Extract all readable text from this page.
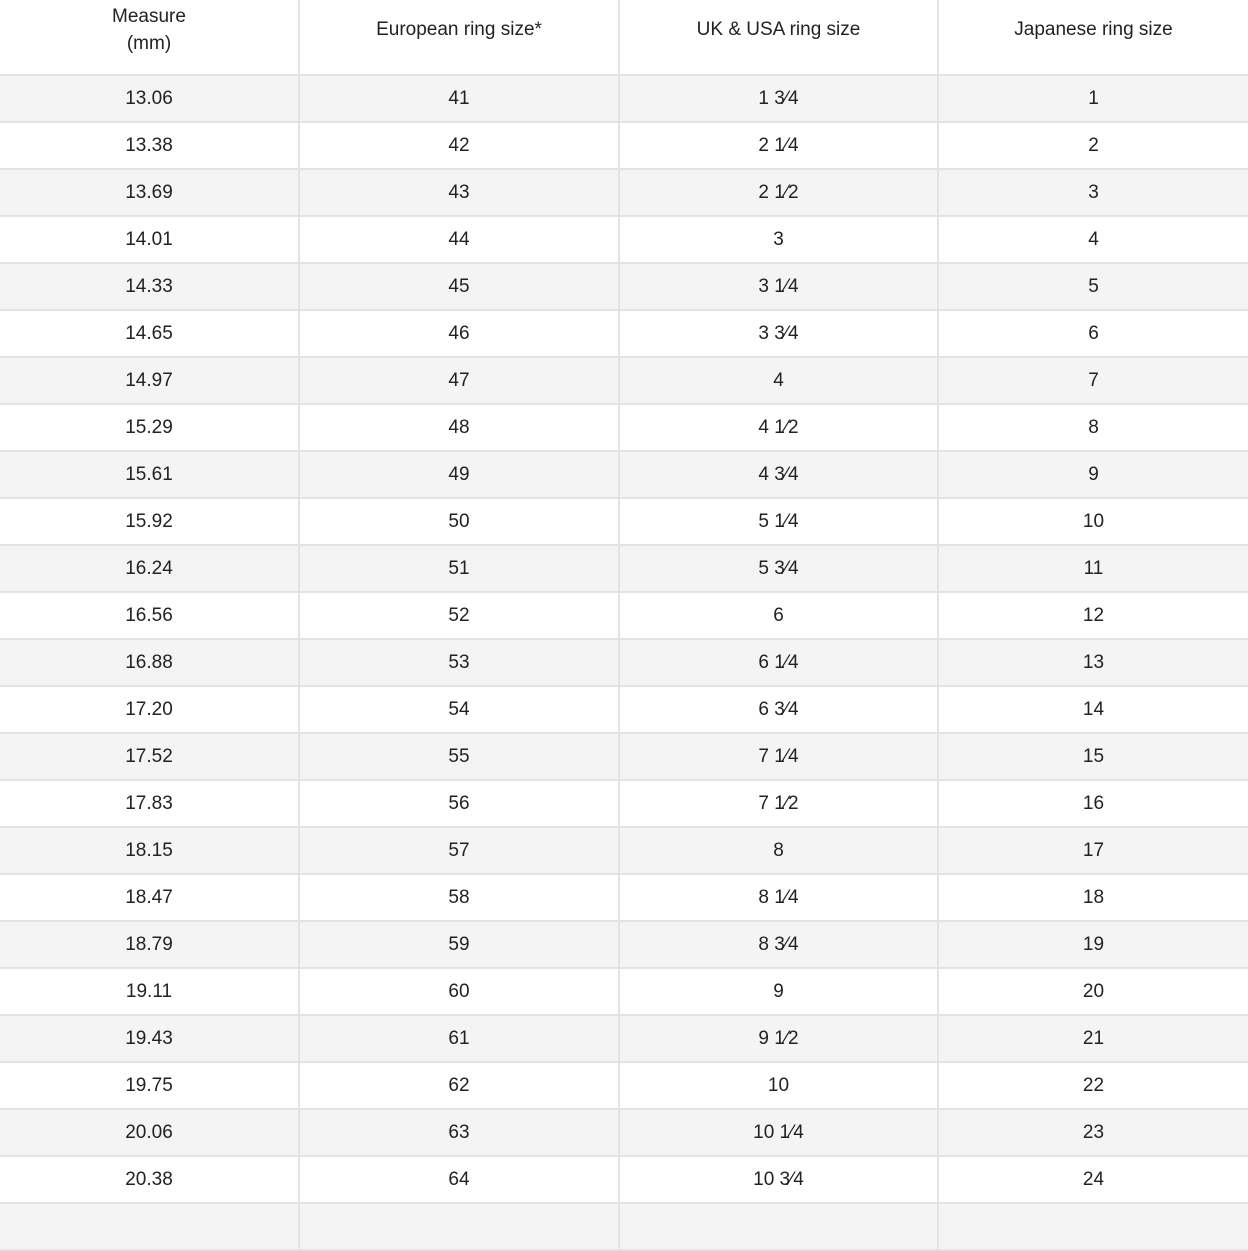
Measure
(mm)	European ring size*	UK & USA ring size	Japanese ring size

13.06	41	1 3⁄4	1
13.38	42	2 1⁄4	2
13.69	43	2 1⁄2	3
14.01	44	3	4
14.33	45	3 1⁄4	5
14.65	46	3 3⁄4	6
14.97	47	4	7
15.29	48	4 1⁄2	8
15.61	49	4 3⁄4	9
15.92	50	5 1⁄4	10
16.24	51	5 3⁄4	11
16.56	52	6	12
16.88	53	6 1⁄4	13
17.20	54	6 3⁄4	14
17.52	55	7 1⁄4	15
17.83	56	7 1⁄2	16
18.15	57	8	17
18.47	58	8 1⁄4	18
18.79	59	8 3⁄4	19
19.11	60	9	20
19.43	61	9 1⁄2	21
19.75	62	10	22
20.06	63	10 1⁄4	23
20.38	64	10 3⁄4	24
